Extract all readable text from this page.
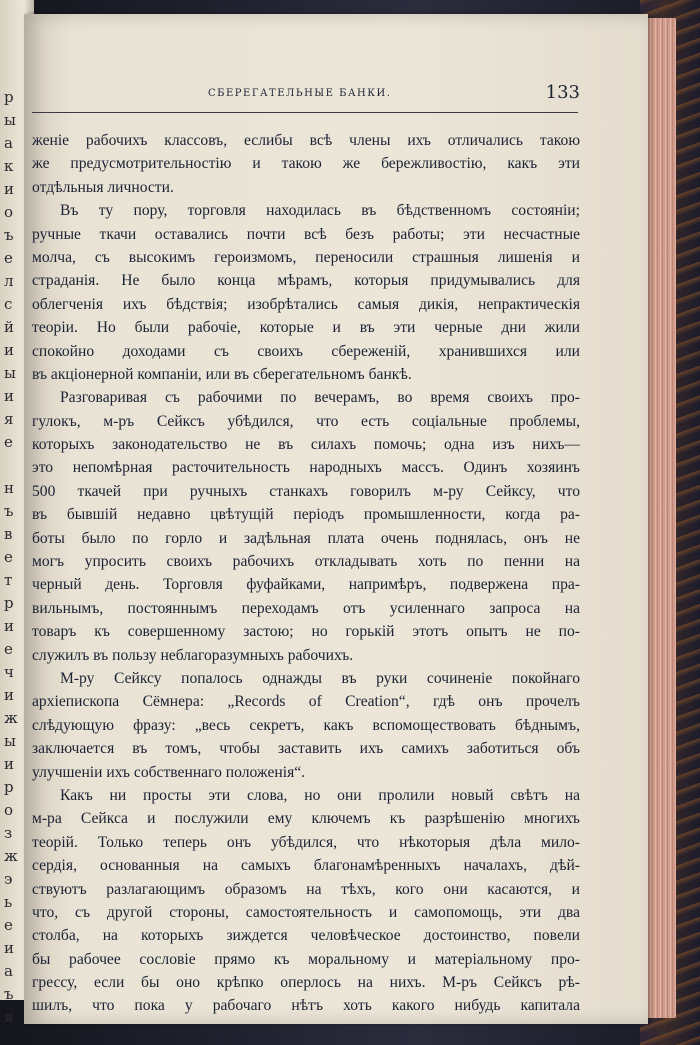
р
ы
а
к
и
о
ъ
е
л
с
й
и
ы
и
я
е
н
ъ
в
е
т
р
и
е
ч
и
ж
ы
и
р
о
з
ж
э
ь
е
и
а
ъ
я
СБЕРЕГАТЕЛЬНЫЕ БАНКИ.	133
женіе рабочихъ классовъ, еслибы всѣ члены ихъ отличались такою
же предусмотрительностію и такою же бережливостію, какъ эти
отдѣльныя личности.
Въ ту пору, торговля находилась въ бѣдственномъ состояніи;
ручные ткачи оставались почти всѣ безъ работы; эти несчастные
молча, съ высокимъ героизмомъ, переносили страшныя лишенія и
страданія. Не было конца мѣрамъ, которыя придумывались для
облегченія ихъ бѣдствія; изобрѣтались самыя дикія, непрактическія
теоріи. Но были рабочіе, которые и въ эти черные дни жили
спокойно доходами съ своихъ сбереженій, хранившихся или
въ акціонерной компаніи, или въ сберегательномъ банкѣ.
Разговаривая съ рабочими по вечерамъ, во время своихъ про-
гулокъ, м-ръ Сейксъ убѣдился, что есть соціальные проблемы,
которыхъ законодательство не въ силахъ помочь; одна изъ нихъ—
это непомѣрная расточительность народныхъ массъ. Одинъ хозяинъ
500 ткачей при ручныхъ станкахъ говорилъ м-ру Сейксу, что
въ бывшій недавно цвѣтущій періодъ промышленности, когда ра-
боты было по горло и задѣльная плата очень поднялась, онъ не
могъ упросить своихъ рабочихъ откладывать хоть по пенни на
черный день. Торговля фуфайками, напримѣръ, подвержена пра-
вильнымъ, постояннымъ переходамъ отъ усиленнаго запроса на
товаръ къ совершенному застою; но горькій этотъ опытъ не по-
служилъ въ пользу неблагоразумныхъ рабочихъ.
М-ру Сейксу попалось однажды въ руки сочиненіе покойнаго
архіепископа Сёмнера: „Records of Creation“, гдѣ онъ прочелъ
слѣдующую фразу: „весь секретъ, какъ вспомоществовать бѣднымъ,
заключается въ томъ, чтобы заставить ихъ самихъ заботиться объ
улучшеніи ихъ собственнаго положенія“.
Какъ ни просты эти слова, но они пролили новый свѣтъ на
м-ра Сейкса и послужили ему ключемъ къ разрѣшенію многихъ
теорій. Только теперь онъ убѣдился, что нѣкоторыя дѣла мило-
сердія, основанныя на самыхъ благонамѣренныхъ началахъ, дѣй-
ствуютъ разлагающимъ образомъ на тѣхъ, кого они касаются, и
что, съ другой стороны, самостоятельность и самопомощь, эти два
столба, на которыхъ зиждется человѣческое достоинство, повели
бы рабочее сословіе прямо къ моральному и матеріальному про-
грессу, если бы оно крѣпко оперлось на нихъ. М-ръ Сейксъ рѣ-
шилъ, что пока у рабочаго нѣтъ хоть какого нибудь капитала
